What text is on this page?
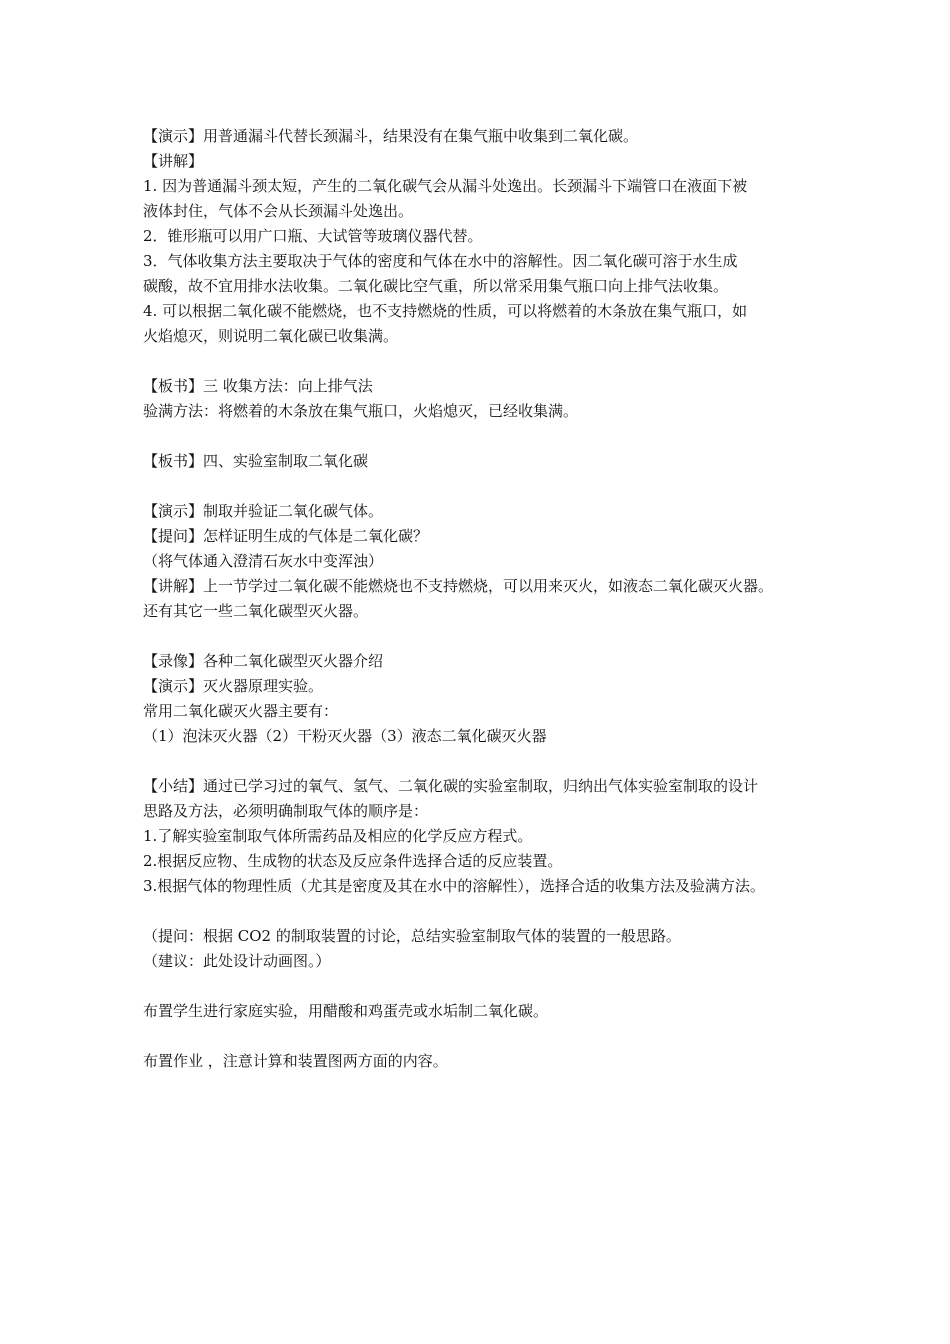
【演示】用普通漏斗代替长颈漏斗，结果没有在集气瓶中收集到二氧化碳。
【讲解】
1. 因为普通漏斗颈太短，产生的二氧化碳气会从漏斗处逸出。长颈漏斗下端管口在液面下被
液体封住，气体不会从长颈漏斗处逸出。
2．锥形瓶可以用广口瓶、大试管等玻璃仪器代替。
3．气体收集方法主要取决于气体的密度和气体在水中的溶解性。因二氧化碳可溶于水生成
碳酸，故不宜用排水法收集。二氧化碳比空气重，所以常采用集气瓶口向上排气法收集。
4. 可以根据二氧化碳不能燃烧，也不支持燃烧的性质，可以将燃着的木条放在集气瓶口，如
火焰熄灭，则说明二氧化碳已收集满。
【板书】三 收集方法：向上排气法
验满方法：将燃着的木条放在集气瓶口，火焰熄灭，已经收集满。
【板书】四、实验室制取二氧化碳
【演示】制取并验证二氧化碳气体。
【提问】怎样证明生成的气体是二氧化碳？
（将气体通入澄清石灰水中变浑浊）
【讲解】上一节学过二氧化碳不能燃烧也不支持燃烧，可以用来灭火，如液态二氧化碳灭火器。
还有其它一些二氧化碳型灭火器。
【录像】各种二氧化碳型灭火器介绍
【演示】灭火器原理实验。
常用二氧化碳灭火器主要有：
（1）泡沫灭火器（2）干粉灭火器（3）液态二氧化碳灭火器
【小结】通过已学习过的氧气、氢气、二氧化碳的实验室制取，归纳出气体实验室制取的设计
思路及方法，必须明确制取气体的顺序是：
1.了解实验室制取气体所需药品及相应的化学反应方程式。
2.根据反应物、生成物的状态及反应条件选择合适的反应装置。
3.根据气体的物理性质（尤其是密度及其在水中的溶解性），选择合适的收集方法及验满方法。
（提问：根据 CO2 的制取装置的讨论，总结实验室制取气体的装置的一般思路。
（建议：此处设计动画图。）
布置学生进行家庭实验，用醋酸和鸡蛋壳或水垢制二氧化碳。
布置作业 ，注意计算和装置图两方面的内容。
